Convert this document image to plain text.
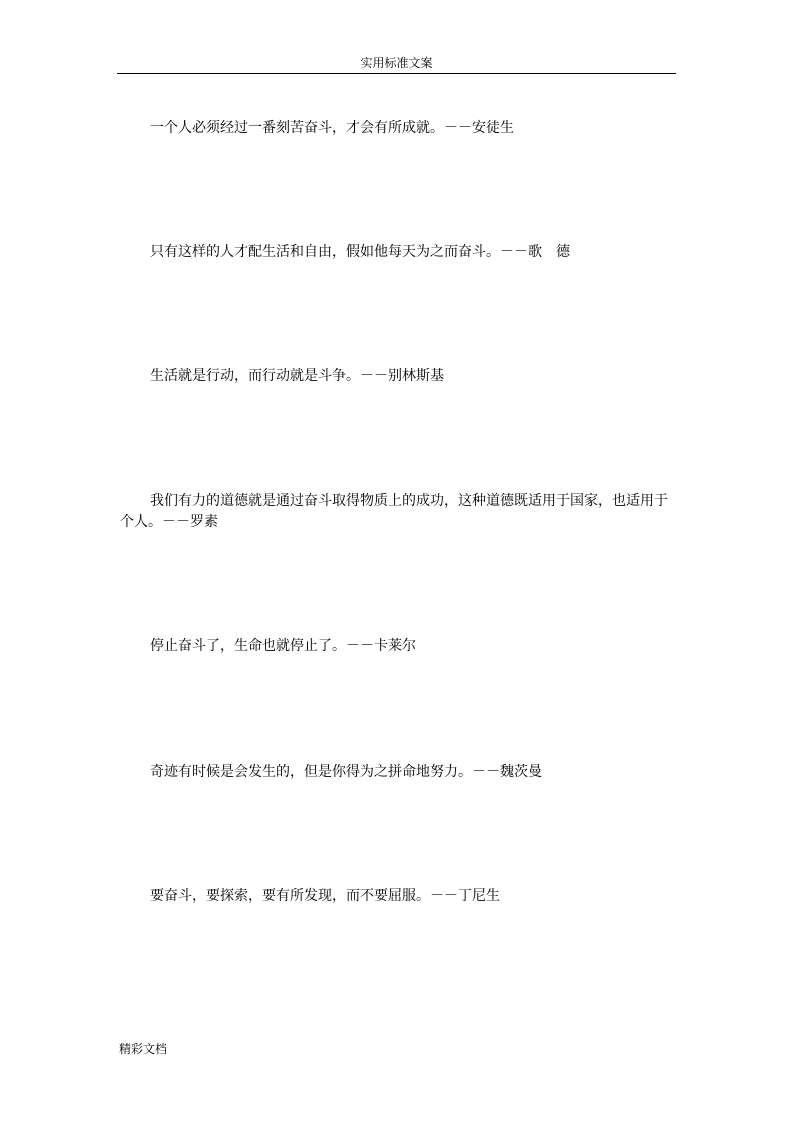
实用标准文案

一个人必须经过一番刻苦奋斗，才会有所成就。－－安徒生

只有这样的人才配生活和自由，假如他每天为之而奋斗。－－歌　德

生活就是行动，而行动就是斗争。－－别林斯基

我们有力的道德就是通过奋斗取得物质上的成功，这种道德既适用于国家，也适用于个人。－－罗素

停止奋斗了，生命也就停止了。－－卡莱尔

奇迹有时候是会发生的，但是你得为之拼命地努力。－－魏茨曼

要奋斗，要探索，要有所发现，而不要屈服。－－丁尼生

精彩文档
